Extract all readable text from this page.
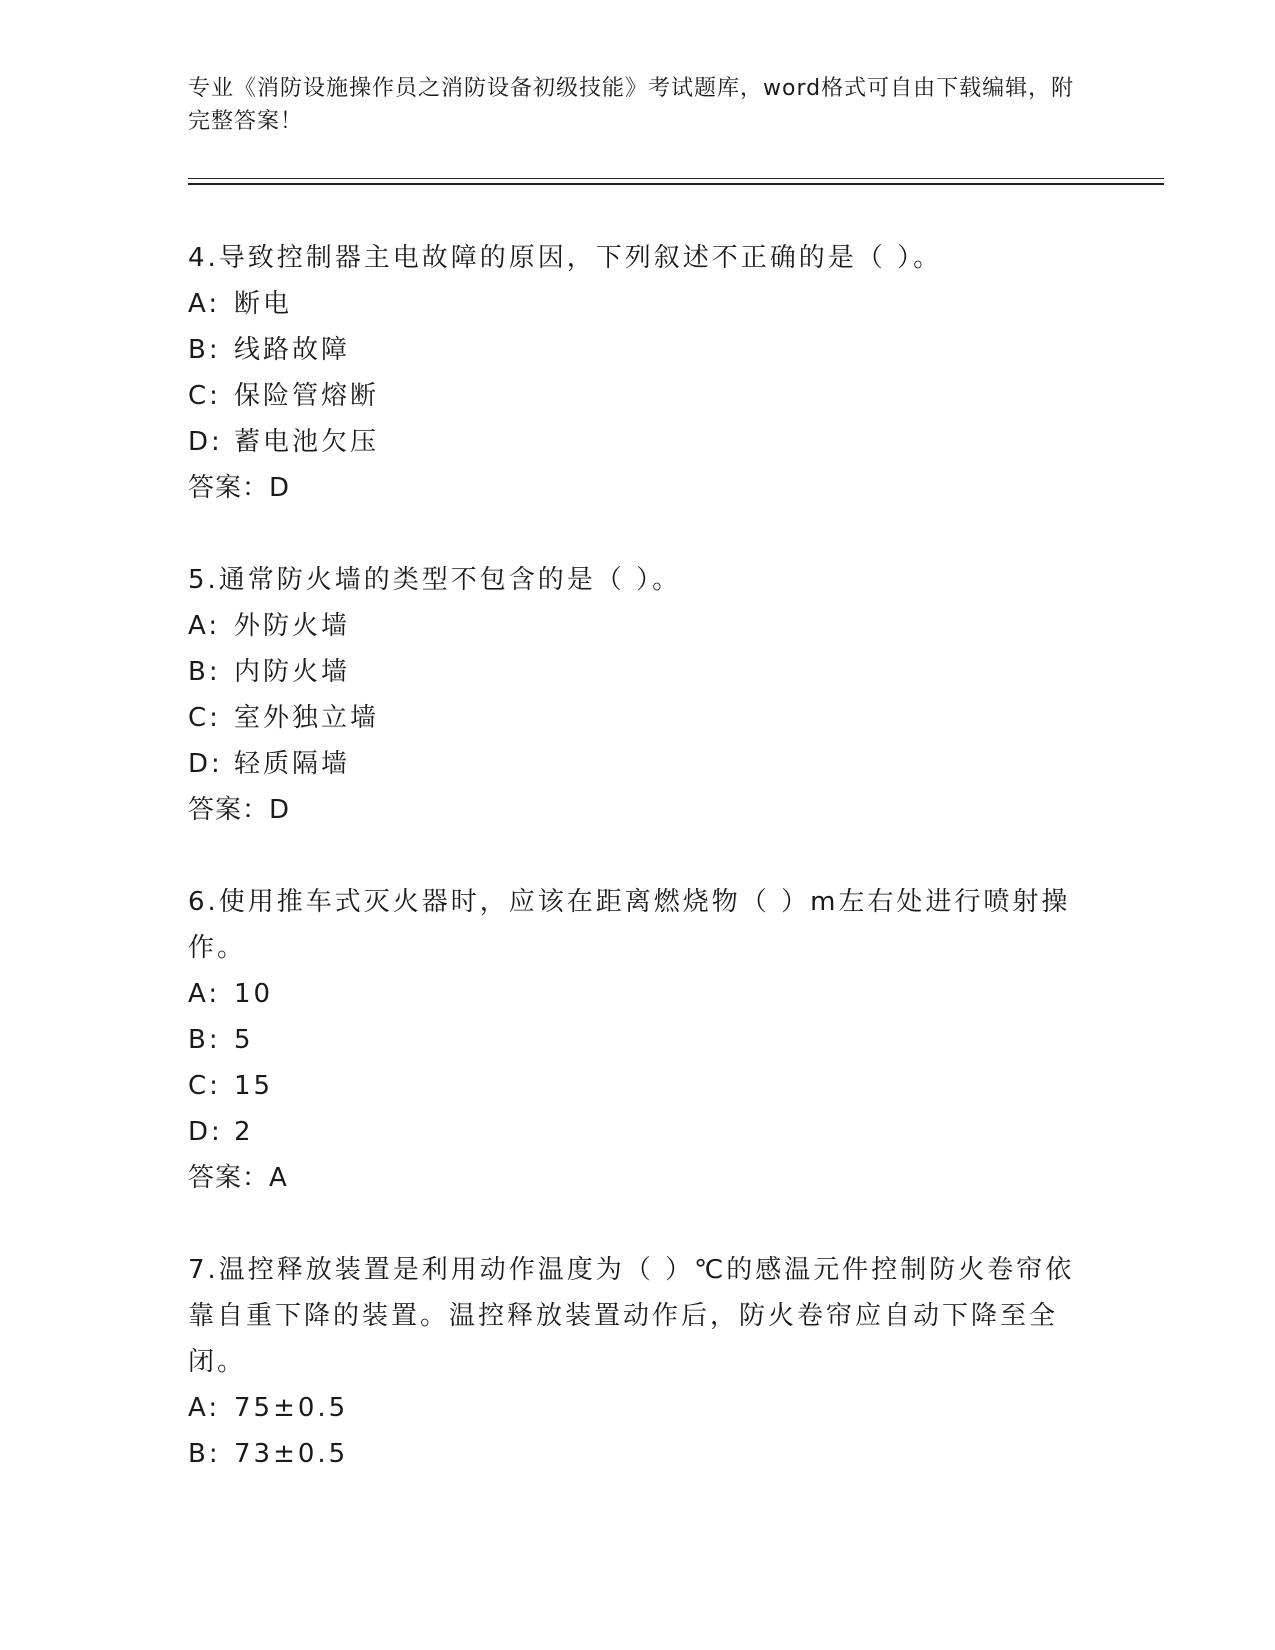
专业《消防设施操作员之消防设备初级技能》考试题库，word格式可自由下载编辑，附完整答案！

4.导致控制器主电故障的原因，下列叙述不正确的是（ ）。

A: 断电

B: 线路故障

C: 保险管熔断

D: 蓄电池欠压

答案：D

5.通常防火墙的类型不包含的是（ ）。

A: 外防火墙

B: 内防火墙

C: 室外独立墙

D: 轻质隔墙

答案：D

6.使用推车式灭火器时，应该在距离燃烧物（ ）m左右处进行喷射操作。

A: 10

B: 5

C: 15

D: 2

答案：A

7.温控释放装置是利用动作温度为（ ）℃的感温元件控制防火卷帘依靠自重下降的装置。温控释放装置动作后，防火卷帘应自动下降至全闭。

A: 75±0.5

B: 73±0.5
